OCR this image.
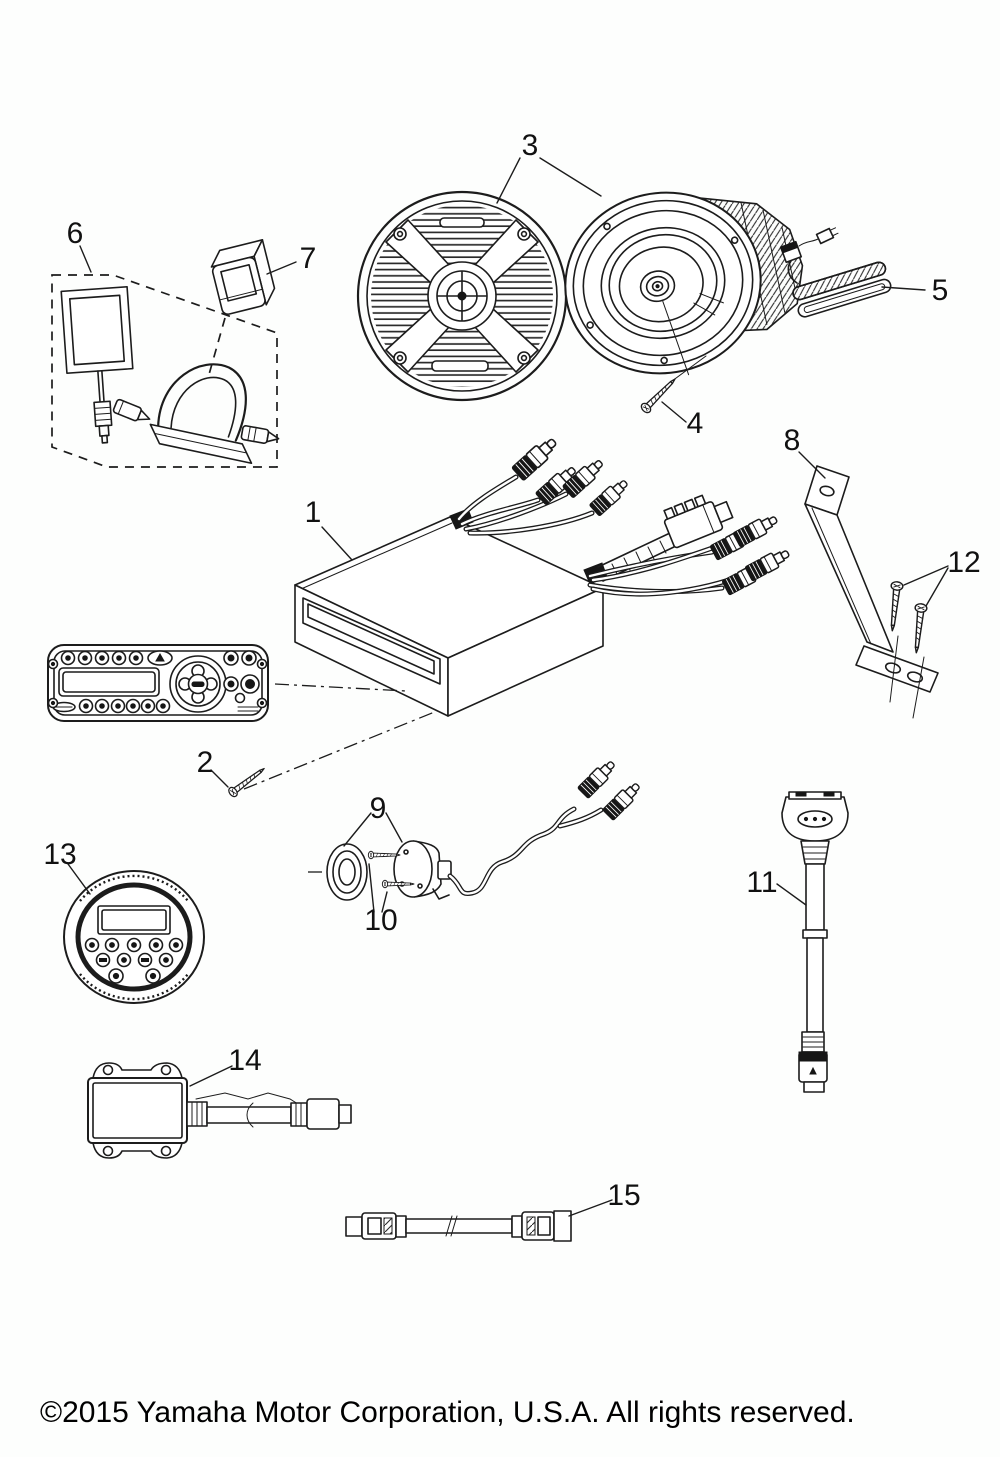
1
2
3
4
5
6
7
8
9
10
11
12
13
14
15
©2015 Yamaha Motor Corporation, U.S.A. All rights reserved.
